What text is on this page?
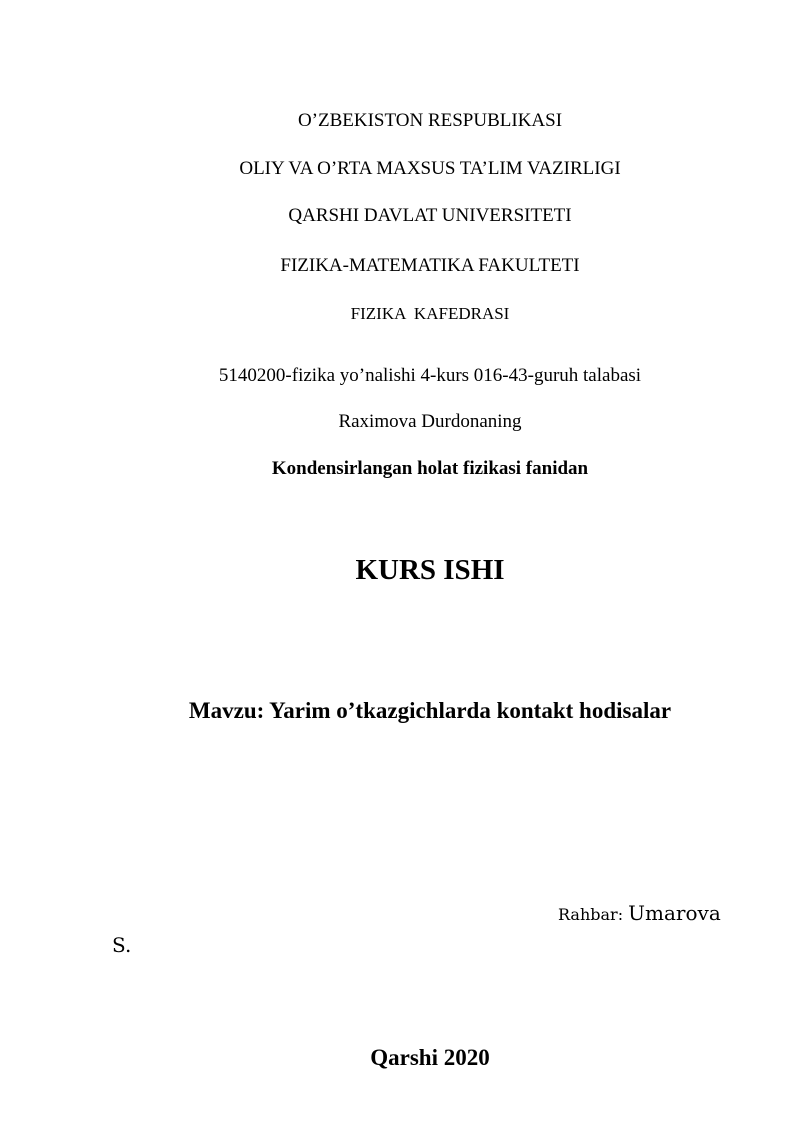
O’ZBEKISTON RESPUBLIKASI
OLIY VA O’RTA MAXSUS TA’LIM VAZIRLIGI
QARSHI DAVLAT UNIVERSITETI
FIZIKA-MATEMATIKA FAKULTETI
FIZIKA  KAFEDRASI
5140200-fizika yo’nalishi 4-kurs 016-43-guruh talabasi
Raximova Durdonaning
Kondensirlangan holat fizikasi fanidan
KURS ISHI
Mavzu: Yarim o’tkazgichlarda kontakt hodisalar
Rahbar: Umarova
S.
Qarshi 2020
